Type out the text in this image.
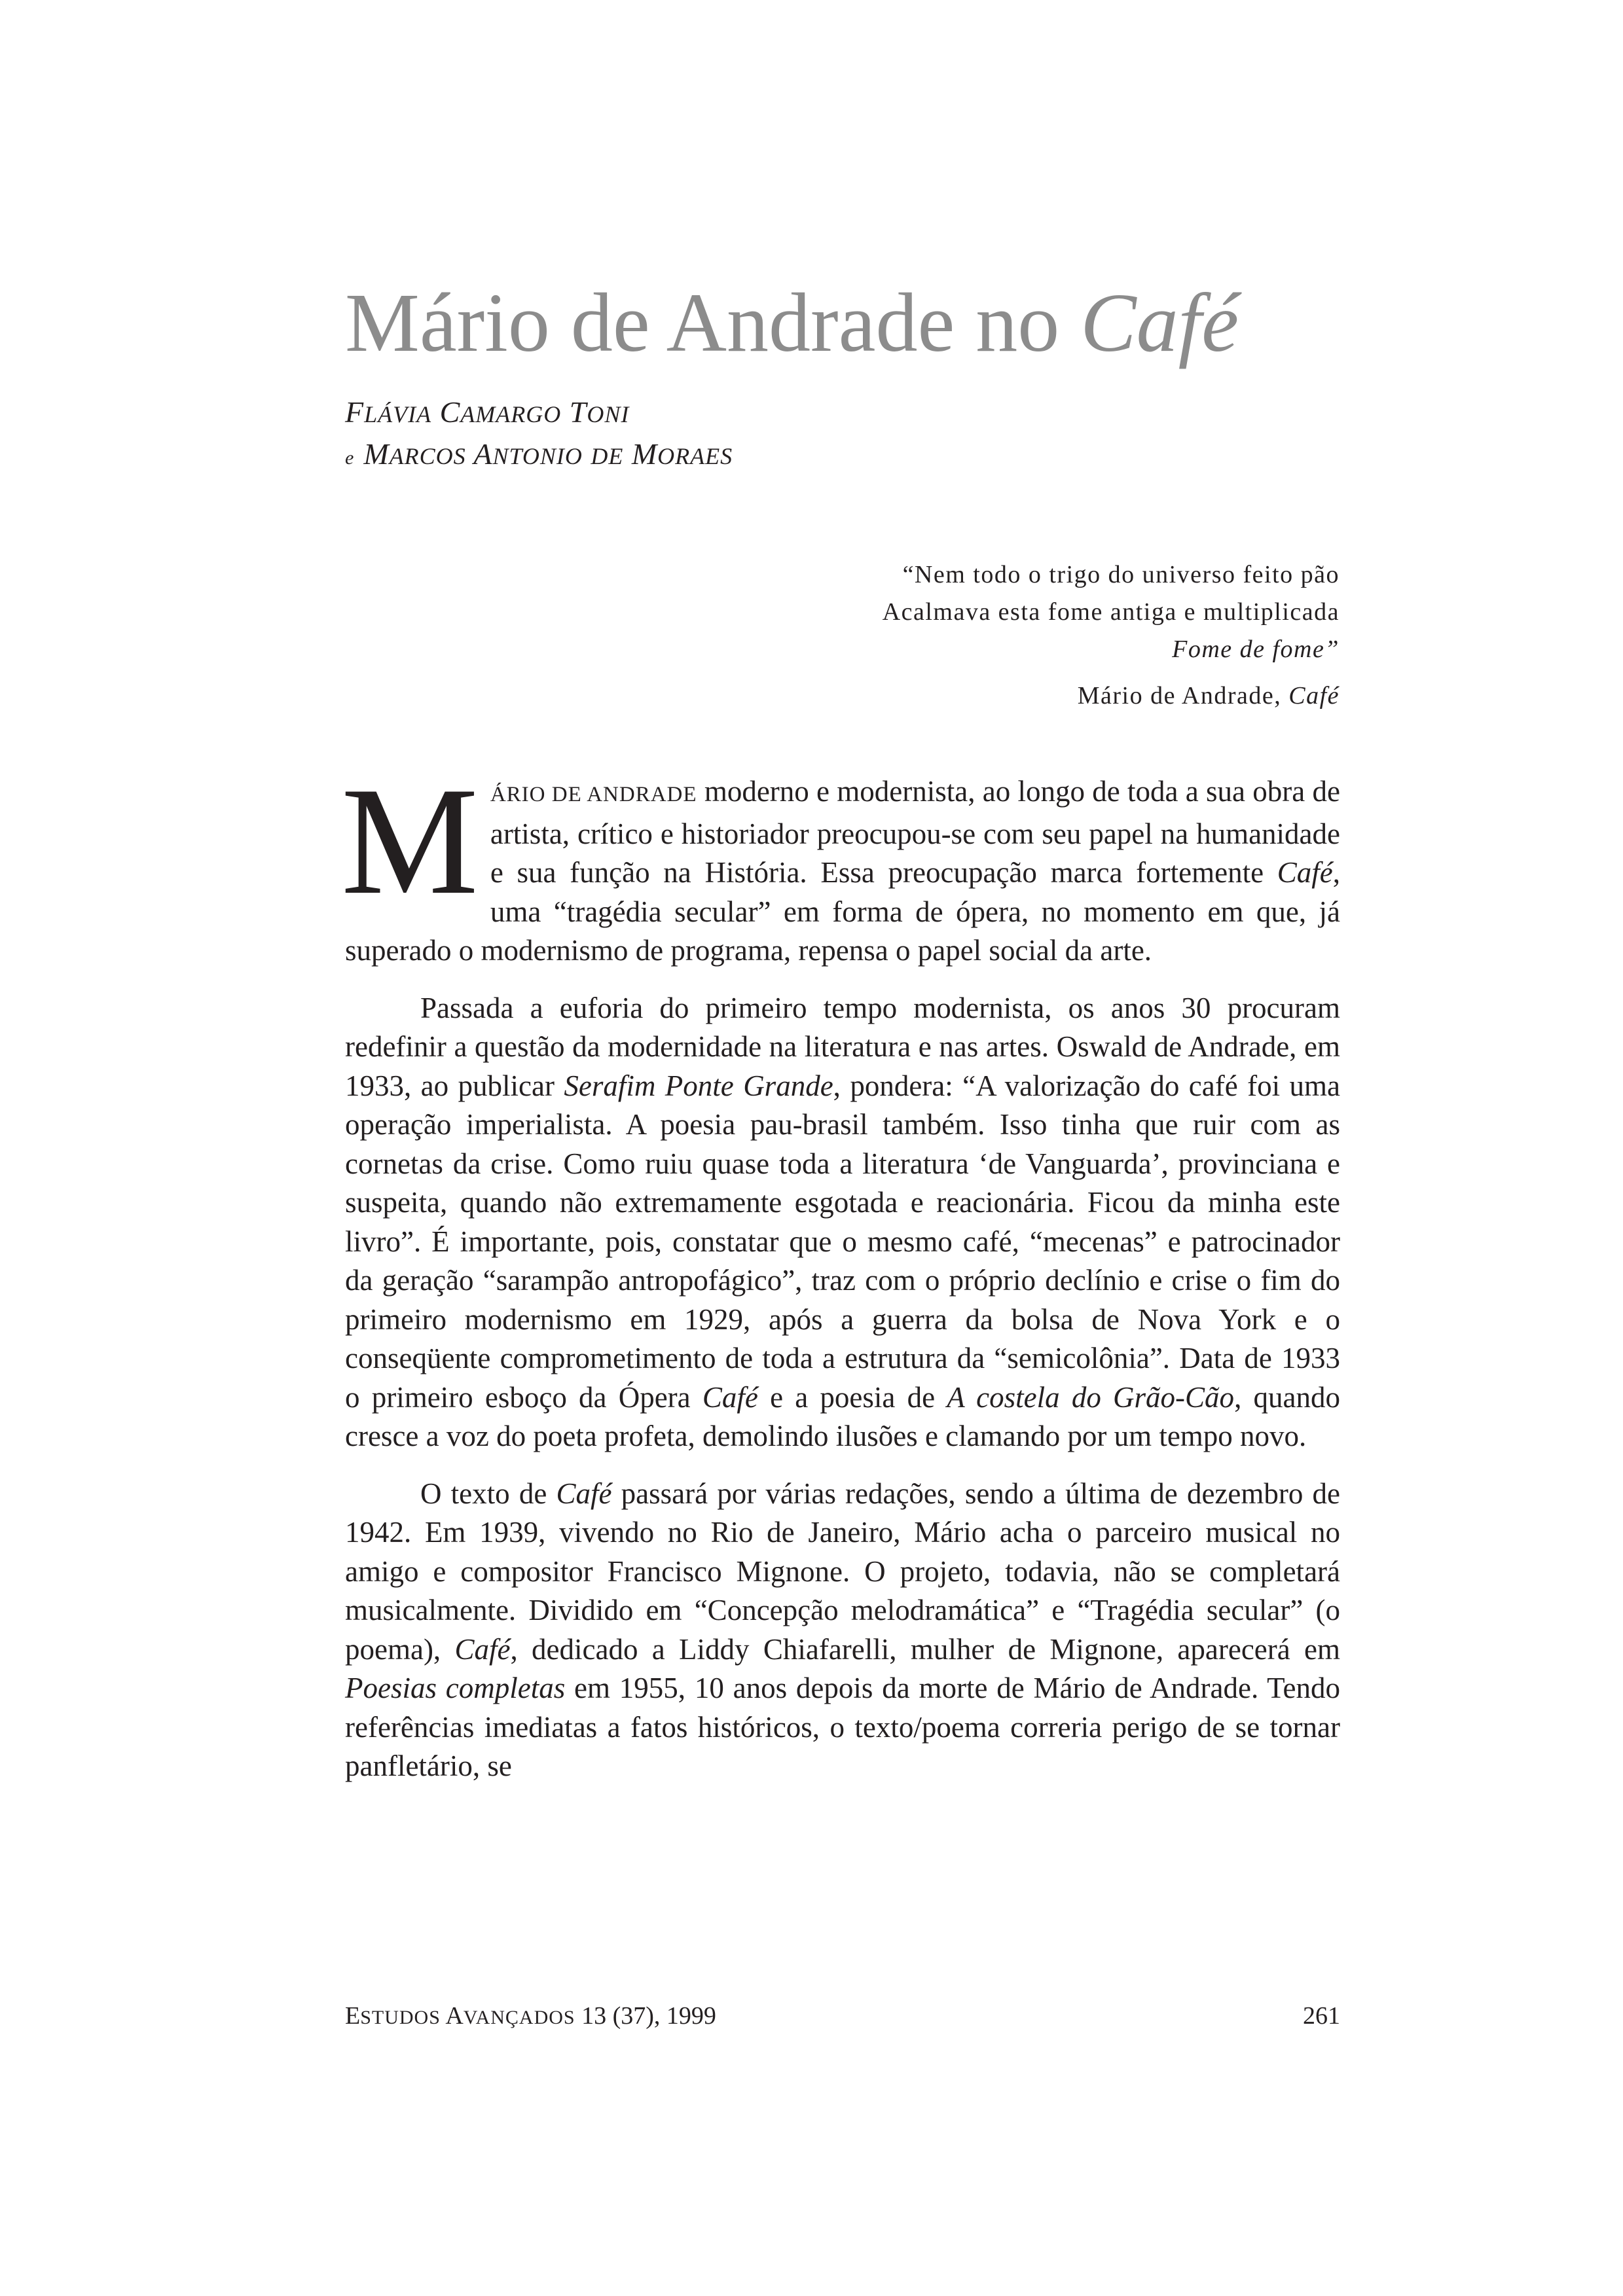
Mário de Andrade no Café
FLÁVIA CAMARGO TONI
e MARCOS ANTONIO DE MORAES
“Nem todo o trigo do universo feito pão
Acalmava esta fome antiga e multiplicada
Fome de fome”
Mário de Andrade, Café

MÁRIO DE ANDRADE moderno e modernista, ao longo de toda a sua obra de artista, crítico e historiador preocupou-se com seu papel na humanidade e sua função na História. Essa preocupação marca fortemente Café, uma “tragédia secular” em forma de ópera, no momento em que, já superado o modernismo de programa, repensa o papel social da arte.

Passada a euforia do primeiro tempo modernista, os anos 30 procuram redefinir a questão da modernidade na literatura e nas artes. Oswald de Andrade, em 1933, ao publicar Serafim Ponte Grande, pondera: “A valorização do café foi uma operação imperialista. A poesia pau-brasil também. Isso tinha que ruir com as cornetas da crise. Como ruiu quase toda a literatura ‘de Vanguarda’, provinciana e suspeita, quando não extremamente esgotada e reacionária. Ficou da minha este livro”. É importante, pois, constatar que o mesmo café, “mecenas” e patrocinador da geração “sarampão antropofágico”, traz com o próprio declínio e crise o fim do primeiro modernismo em 1929, após a guerra da bolsa de Nova York e o conseqüente comprometimento de toda a estrutura da “semicolônia”. Data de 1933 o primeiro esboço da Ópera Café e a poesia de A costela do Grão-Cão, quando cresce a voz do poeta profeta, demolindo ilusões e clamando por um tempo novo.

O texto de Café passará por várias redações, sendo a última de dezembro de 1942. Em 1939, vivendo no Rio de Janeiro, Mário acha o parceiro musical no amigo e compositor Francisco Mignone. O projeto, todavia, não se completará musicalmente. Dividido em “Concepção melodramática” e “Tragédia secular” (o poema), Café, dedicado a Liddy Chiafarelli, mulher de Mignone, aparecerá em Poesias completas em 1955, 10 anos depois da morte de Mário de Andrade. Tendo referências imediatas a fatos históricos, o texto/poema correria perigo de se tornar panfletário, se

ESTUDOS AVANÇADOS 13 (37), 1999	261
